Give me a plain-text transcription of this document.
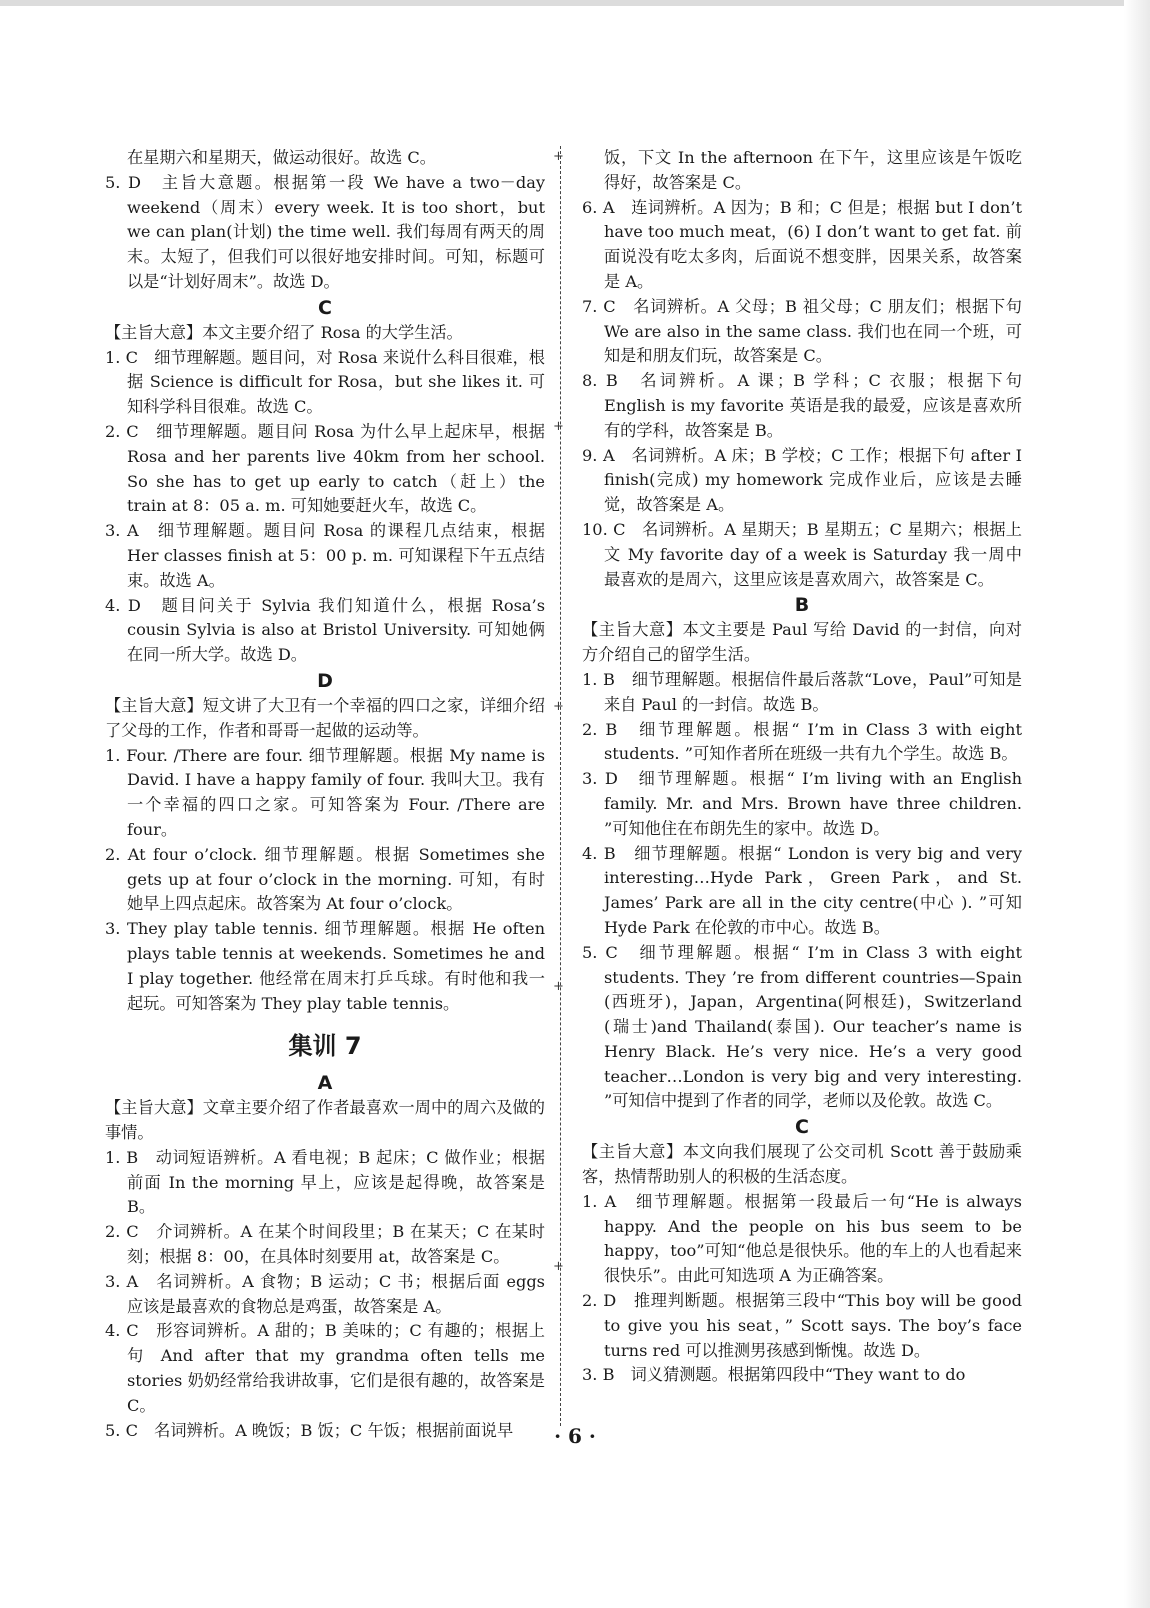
+
+
+
+
+
在星期六和星期天，做运动很好。故选 C。
5. D　主旨大意题。根据第一段 We have a two－day weekend（周末）every week. It is too short，but we can plan(计划) the time well. 我们每周有两天的周末。太短了，但我们可以很好地安排时间。可知，标题可以是“计划好周末”。故选 D。
C
【主旨大意】本文主要介绍了 Rosa 的大学生活。
1. C　细节理解题。题目问，对 Rosa 来说什么科目很难，根据 Science is difficult for Rosa，but she likes it. 可知科学科目很难。故选 C。
2. C　细节理解题。题目问 Rosa 为什么早上起床早，根据 Rosa and her parents live 40km from her school. So she has to get up early to catch（赶上）the train at 8：05 a. m. 可知她要赶火车，故选 C。
3. A　细节理解题。题目问 Rosa 的课程几点结束，根据 Her classes finish at 5：00 p. m. 可知课程下午五点结束。故选 A。
4. D　题目问关于 Sylvia 我们知道什么，根据 Rosa’s cousin Sylvia is also at Bristol University. 可知她俩在同一所大学。故选 D。
D
【主旨大意】短文讲了大卫有一个幸福的四口之家，详细介绍了父母的工作，作者和哥哥一起做的运动等。
1. Four. /There are four. 细节理解题。根据 My name is David. I have a happy family of four. 我叫大卫。我有一个幸福的四口之家。可知答案为 Four. /There are four。
2. At four o’clock. 细节理解题。根据 Sometimes she gets up at four o’clock in the morning. 可知，有时她早上四点起床。故答案为 At four o’clock。
3. They play table tennis. 细节理解题。根据 He often plays table tennis at weekends. Sometimes he and I play together. 他经常在周末打乒乓球。有时他和我一起玩。可知答案为 They play table tennis。
集训 7
A
【主旨大意】文章主要介绍了作者最喜欢一周中的周六及做的事情。
1. B　动词短语辨析。A 看电视；B 起床；C 做作业；根据前面 In the morning 早上，应该是起得晚，故答案是 B。
2. C　介词辨析。A 在某个时间段里；B 在某天；C 在某时刻；根据 8：00，在具体时刻要用 at，故答案是 C。
3. A　名词辨析。A 食物；B 运动；C 书；根据后面 eggs 应该是最喜欢的食物总是鸡蛋，故答案是 A。
4. C　形容词辨析。A 甜的；B 美味的；C 有趣的；根据上句 And after that my grandma often tells me stories 奶奶经常给我讲故事，它们是很有趣的，故答案是 C。
5. C　名词辨析。A 晚饭；B 饭；C 午饭；根据前面说早
饭，下文 In the afternoon 在下午，这里应该是午饭吃得好，故答案是 C。
6. A　连词辨析。A 因为；B 和；C 但是；根据 but I don’t have too much meat，(6) I don’t want to get fat. 前面说没有吃太多肉，后面说不想变胖，因果关系，故答案是 A。
7. C　名词辨析。A 父母；B 祖父母；C 朋友们；根据下句 We are also in the same class. 我们也在同一个班，可知是和朋友们玩，故答案是 C。
8. B　名词辨析。A 课；B 学科；C 衣服；根据下句 English is my favorite 英语是我的最爱，应该是喜欢所有的学科，故答案是 B。
9. A　名词辨析。A 床；B 学校；C 工作；根据下句 after I finish(完成) my homework 完成作业后，应该是去睡觉，故答案是 A。
10. C　名词辨析。A 星期天；B 星期五；C 星期六；根据上文 My favorite day of a week is Saturday 我一周中最喜欢的是周六，这里应该是喜欢周六，故答案是 C。
B
【主旨大意】本文主要是 Paul 写给 David 的一封信，向对方介绍自己的留学生活。
1. B　细节理解题。根据信件最后落款“Love，Paul”可知是来自 Paul 的一封信。故选 B。
2. B　细节理解题。根据“ I’m in Class 3 with eight students. ”可知作者所在班级一共有九个学生。故选 B。
3. D　细节理解题。根据“ I’m living with an English family. Mr. and Mrs. Brown have three children. ”可知他住在布朗先生的家中。故选 D。
4. B　细节理解题。根据“ London is very big and very interesting…Hyde Park，Green Park，and St. James’ Park are all in the city centre(中心 ). ”可知 Hyde Park 在伦敦的市中心。故选 B。
5. C　细节理解题。根据“ I’m in Class 3 with eight students. They ’re from different countries—Spain (西班牙)，Japan，Argentina(阿根廷)，Switzerland (瑞士)and Thailand(泰国). Our teacher’s name is Henry Black. He’s very nice. He’s a very good teacher…London is very big and very interesting. ”可知信中提到了作者的同学，老师以及伦敦。故选 C。
C
【主旨大意】本文向我们展现了公交司机 Scott 善于鼓励乘客，热情帮助别人的积极的生活态度。
1. A　细节理解题。根据第一段最后一句“He is always happy. And the people on his bus seem to be happy，too”可知“他总是很快乐。他的车上的人也看起来很快乐”。由此可知选项 A 为正确答案。
2. D　推理判断题。根据第三段中“This boy will be good to give you his seat，” Scott says. The boy’s face turns red 可以推测男孩感到惭愧。故选 D。
3. B　词义猜测题。根据第四段中“They want to do
· 6 ·
